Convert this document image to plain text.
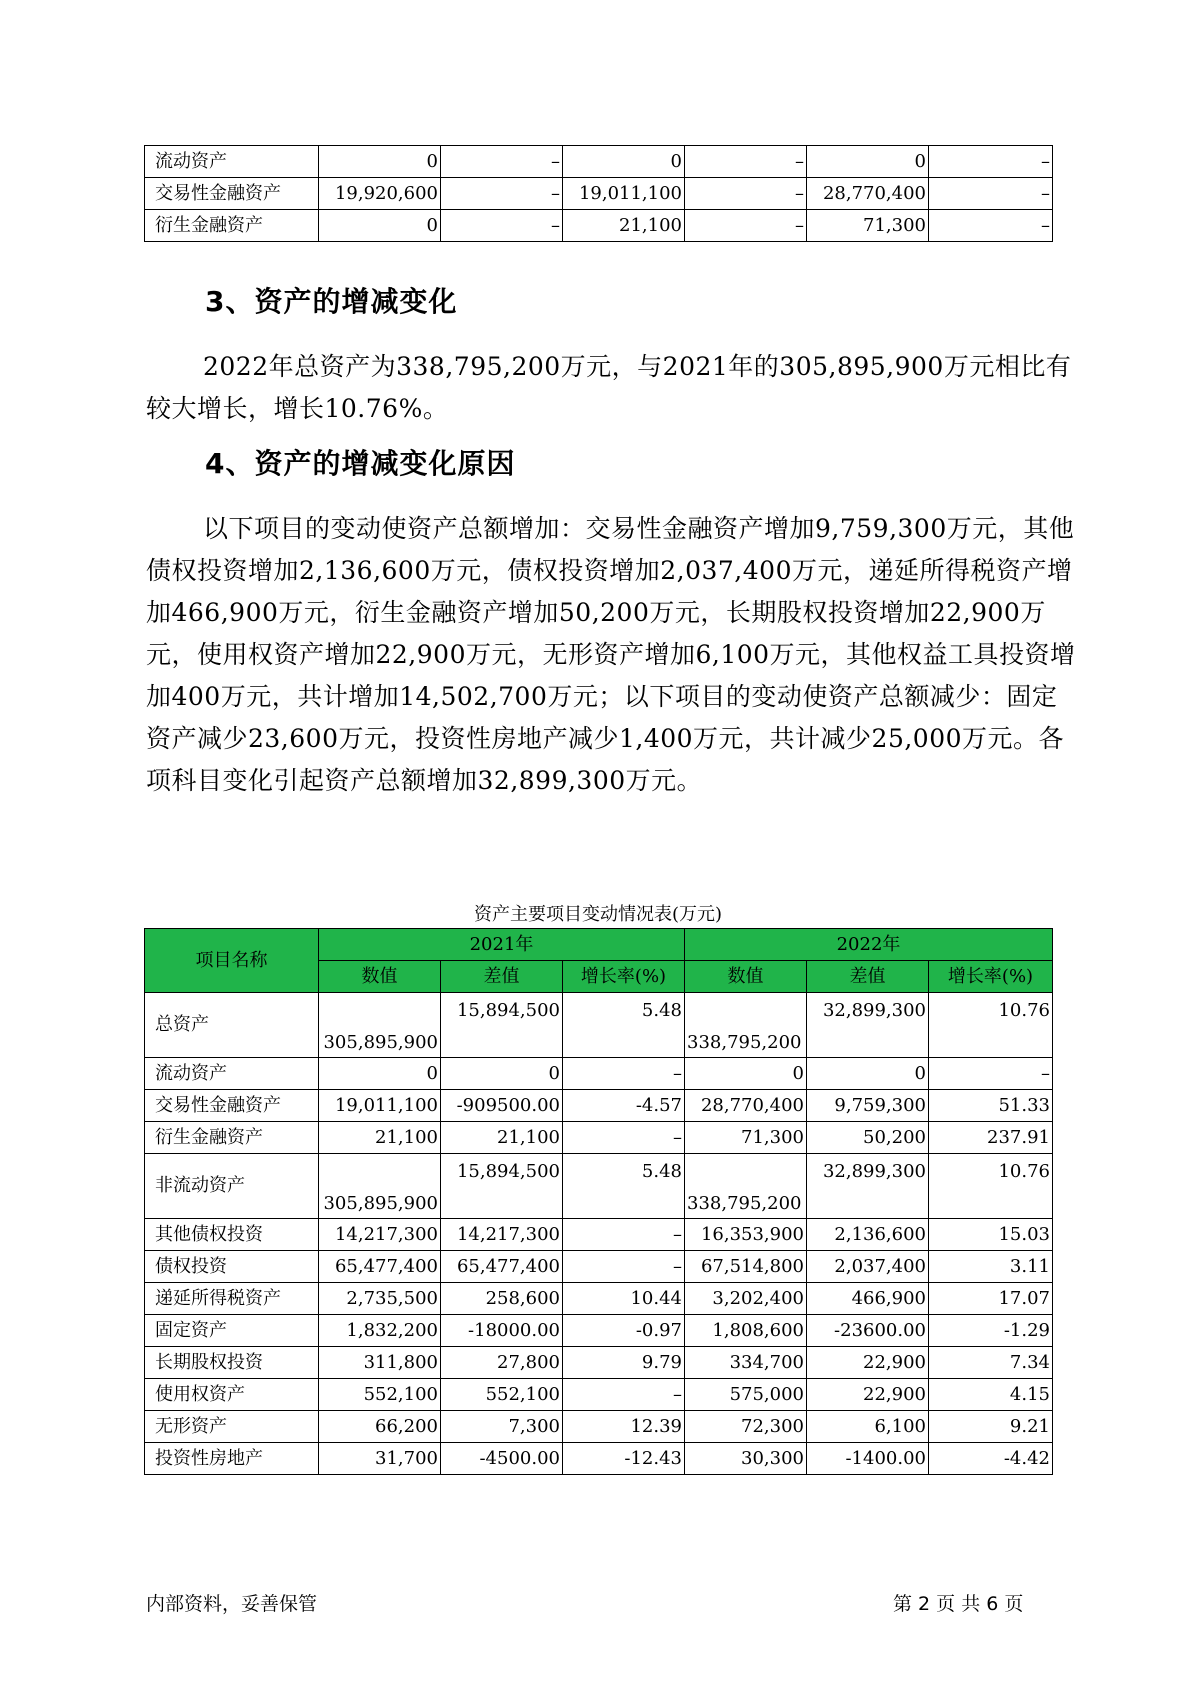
流动资产	0	–	0	–	0	–
交易性金融资产	19,920,600	–	19,011,100	–	28,770,400	–
衍生金融资产	0	–	21,100	–	71,300	–
3、资产的增减变化

2022年总资产为338,795,200万元，与2021年的305,895,900万元相比有较大增长，增长10.76%。

4、资产的增减变化原因

以下项目的变动使资产总额增加：交易性金融资产增加9,759,300万元，其他债权投资增加2,136,600万元，债权投资增加2,037,400万元，递延所得税资产增加466,900万元，衍生金融资产增加50,200万元，长期股权投资增加22,900万元，使用权资产增加22,900万元，无形资产增加6,100万元，其他权益工具投资增加400万元，共计增加14,502,700万元；以下项目的变动使资产总额减少：固定资产减少23,600万元，投资性房地产减少1,400万元，共计减少25,000万元。各项科目变化引起资产总额增加32,899,300万元。

资产主要项目变动情况表(万元)

项目名称	2021年			2022年		
	数值	差值	增长率(%)	数值	差值	增长率(%)
总资产	305,895,900	15,894,500	5.48	338,795,200	32,899,300	10.76
流动资产	0	0	–	0	0	–
交易性金融资产	19,011,100	-909500.00	-4.57	28,770,400	9,759,300	51.33
衍生金融资产	21,100	21,100	–	71,300	50,200	237.91
非流动资产	305,895,900	15,894,500	5.48	338,795,200	32,899,300	10.76
其他债权投资	14,217,300	14,217,300	–	16,353,900	2,136,600	15.03
债权投资	65,477,400	65,477,400	–	67,514,800	2,037,400	3.11
递延所得税资产	2,735,500	258,600	10.44	3,202,400	466,900	17.07
固定资产	1,832,200	-18000.00	-0.97	1,808,600	-23600.00	-1.29
长期股权投资	311,800	27,800	9.79	334,700	22,900	7.34
使用权资产	552,100	552,100	–	575,000	22,900	4.15
无形资产	66,200	7,300	12.39	72,300	6,100	9.21
投资性房地产	31,700	-4500.00	-12.43	30,300	-1400.00	-4.42
内部资料，妥善保管	第 2 页 共 6 页
